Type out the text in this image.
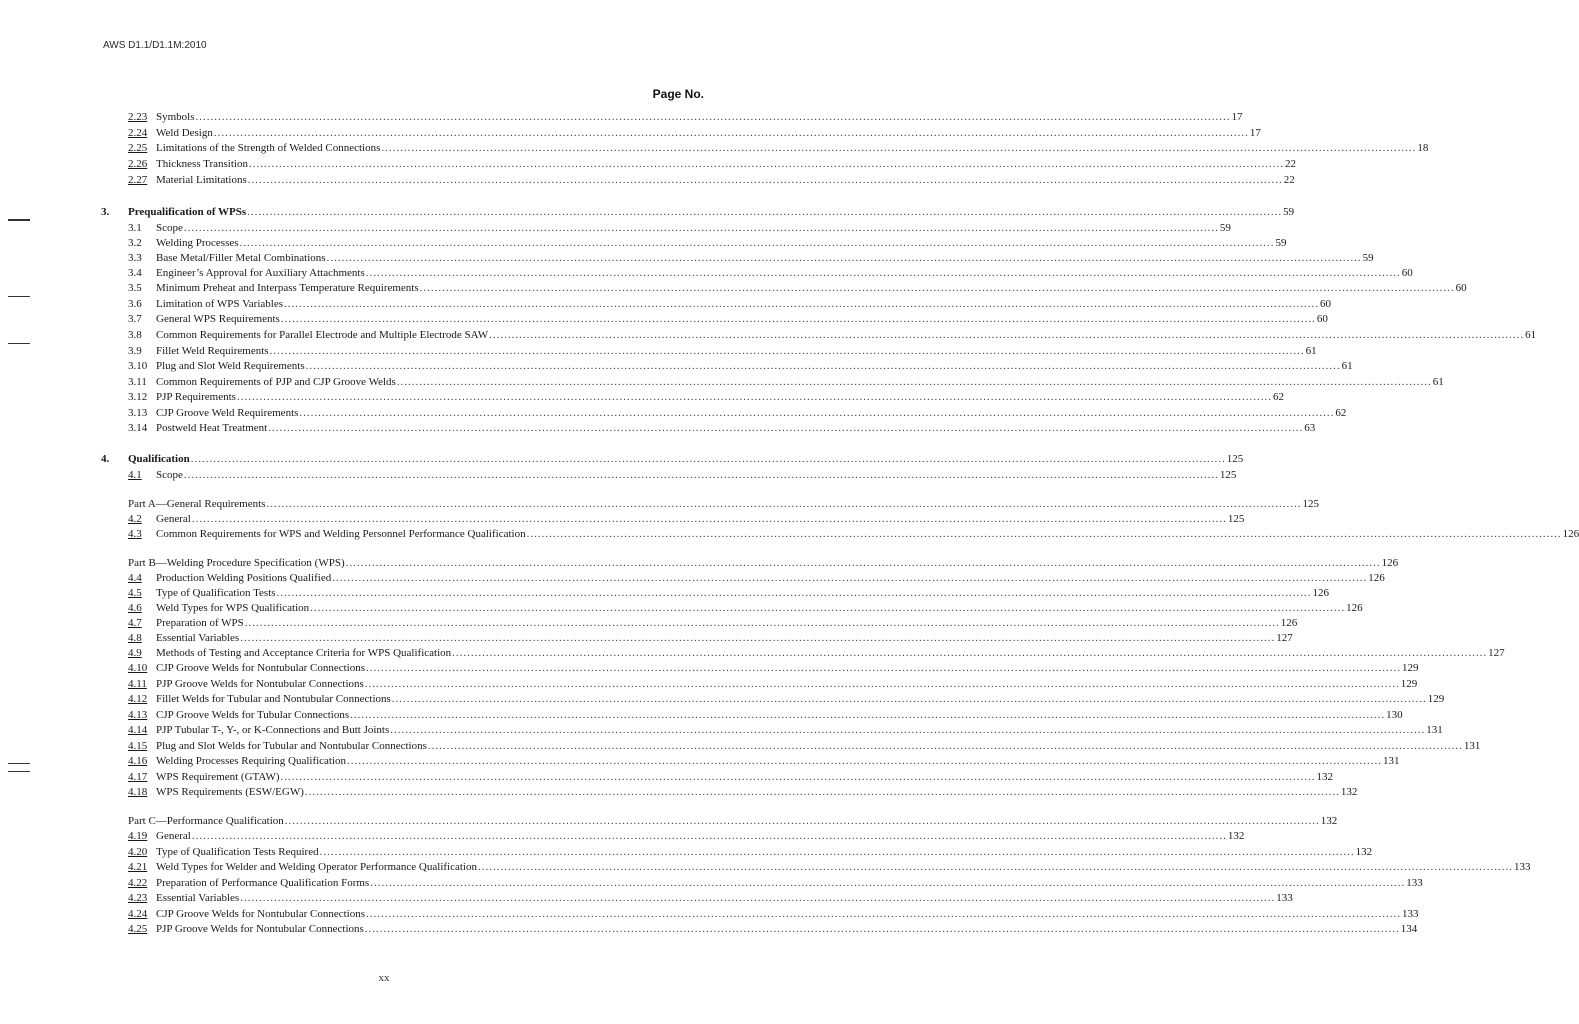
AWS D1.1/D1.1M:2010
Page No.
2.23 Symbols .....	17
2.24 Weld Design .....	17
2.25 Limitations of the Strength of Welded Connections .....	18
2.26 Thickness Transition .....	22
2.27 Material Limitations .....	22
3.	Prequalification of WPSs .....	59
3.1	Scope .....	59
3.2	Welding Processes .....	59
3.3	Base Metal/Filler Metal Combinations .....	59
3.4	Engineer’s Approval for Auxiliary Attachments .....	60
3.5	Minimum Preheat and Interpass Temperature Requirements .....	60
3.6	Limitation of WPS Variables .....	60
3.7	General WPS Requirements .....	60
3.8	Common Requirements for Parallel Electrode and Multiple Electrode SAW .....	61
3.9	Fillet Weld Requirements .....	61
3.10 Plug and Slot Weld Requirements .....	61
3.11 Common Requirements of PJP and CJP Groove Welds .....	61
3.12 PJP Requirements .....	62
3.13 CJP Groove Weld Requirements .....	62
3.14 Postweld Heat Treatment .....	63
4.	Qualification .....	125
4.1	Scope .....	125
Part A—General Requirements .....	125
4.2	General .....	125
4.3	Common Requirements for WPS and Welding Personnel Performance Qualification .....	126
Part B—Welding Procedure Specification (WPS) .....	126
4.4	Production Welding Positions Qualified .....	126
4.5	Type of Qualification Tests .....	126
4.6	Weld Types for WPS Qualification .....	126
4.7	Preparation of WPS .....	126
4.8	Essential Variables .....	127
4.9	Methods of Testing and Acceptance Criteria for WPS Qualification .....	127
4.10 CJP Groove Welds for Nontubular Connections .....	129
4.11 PJP Groove Welds for Nontubular Connections .....	129
4.12 Fillet Welds for Tubular and Nontubular Connections .....	129
4.13 CJP Groove Welds for Tubular Connections .....	130
4.14 PJP Tubular T-, Y-, or K-Connections and Butt Joints .....	131
4.15 Plug and Slot Welds for Tubular and Nontubular Connections .....	131
4.16 Welding Processes Requiring Qualification .....	131
4.17 WPS Requirement (GTAW) .....	132
4.18 WPS Requirements (ESW/EGW) .....	132
Part C—Performance Qualification .....	132
4.19 General .....	132
4.20 Type of Qualification Tests Required .....	132
4.21 Weld Types for Welder and Welding Operator Performance Qualification .....	133
4.22 Preparation of Performance Qualification Forms .....	133
4.23 Essential Variables .....	133
4.24 CJP Groove Welds for Nontubular Connections .....	133
4.25 PJP Groove Welds for Nontubular Connections .....	134
xx
